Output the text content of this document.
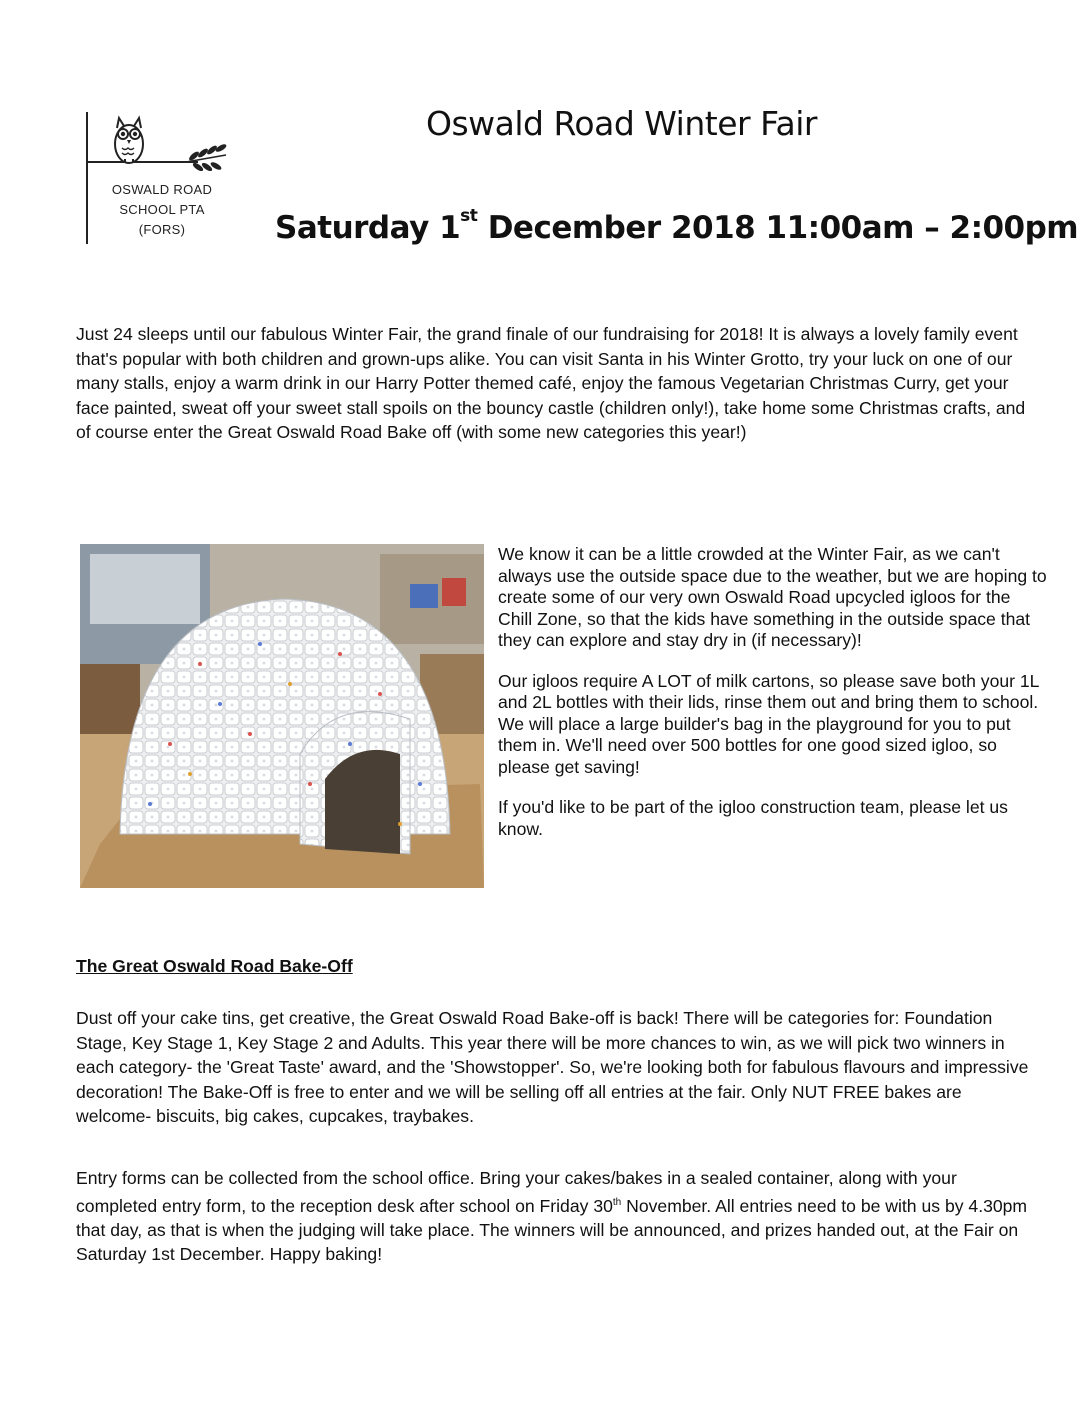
OSWALD ROAD
SCHOOL PTA
(FORS)
Oswald Road Winter Fair
Saturday 1st December 2018 11:00am – 2:00pm

Just 24 sleeps until our fabulous Winter Fair, the grand finale of our fundraising for 2018! It is always a lovely family event that's popular with both children and grown-ups alike. You can visit Santa in his Winter Grotto, try your luck on one of our many stalls, enjoy a warm drink in our Harry Potter themed café, enjoy the famous Vegetarian Christmas Curry, get your face painted, sweat off your sweet stall spoils on the bouncy castle (children only!), take home some Christmas crafts, and of course enter the Great Oswald Road Bake off (with some new categories this year!)

We know it can be a little crowded at the Winter Fair, as we can't always use the outside space due to the weather, but we are hoping to create some of our very own Oswald Road upcycled igloos for the Chill Zone, so that the kids have something in the outside space that they can explore and stay dry in (if necessary)!

Our igloos require A LOT of milk cartons, so please save both your 1L and 2L bottles with their lids, rinse them out and bring them to school. We will place a large builder's bag in the playground for you to put them in. We'll need over 500 bottles for one good sized igloo, so please get saving!

If you'd like to be part of the igloo construction team, please let us know.

The Great Oswald Road Bake-Off

Dust off your cake tins, get creative, the Great Oswald Road Bake-off is back! There will be categories for: Foundation Stage, Key Stage 1, Key Stage 2 and Adults. This year there will be more chances to win, as we will pick two winners in each category- the 'Great Taste' award, and the 'Showstopper'. So, we're looking both for fabulous flavours and impressive decoration! The Bake-Off is free to enter and we will be selling off all entries at the fair. Only NUT FREE bakes are welcome- biscuits, big cakes, cupcakes, traybakes.

Entry forms can be collected from the school office. Bring your cakes/bakes in a sealed container, along with your completed entry form, to the reception desk after school on Friday 30th November. All entries need to be with us by 4.30pm that day, as that is when the judging will take place. The winners will be announced, and prizes handed out, at the Fair on Saturday 1st December. Happy baking!
